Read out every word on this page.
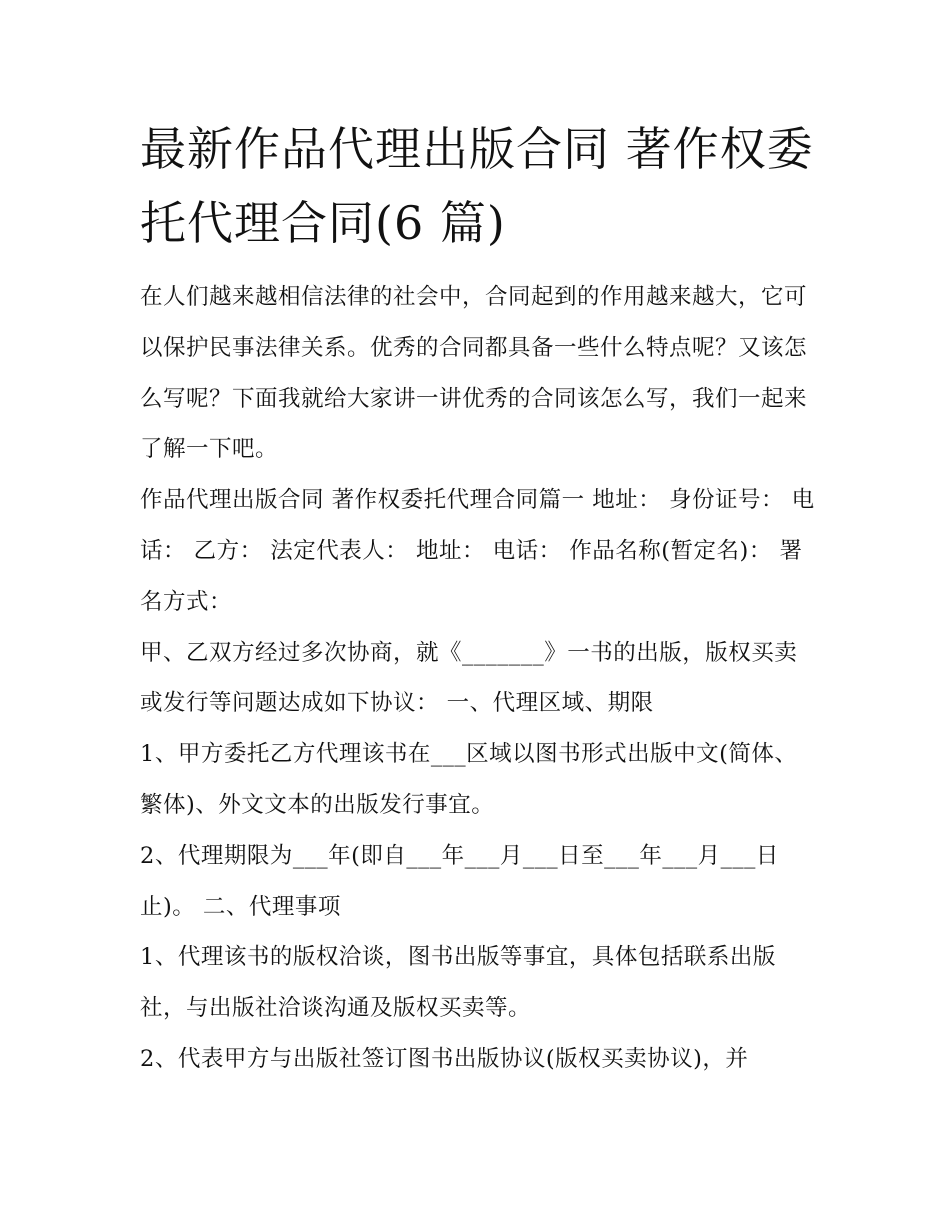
最新作品代理出版合同 著作权委托代理合同(6 篇)

在人们越来越相信法律的社会中，合同起到的作用越来越大，它可以保护民事法律关系。优秀的合同都具备一些什么特点呢？又该怎么写呢？下面我就给大家讲一讲优秀的合同该怎么写，我们一起来了解一下吧。

作品代理出版合同 著作权委托代理合同篇一 地址： 身份证号： 电话： 乙方： 法定代表人： 地址： 电话： 作品名称(暂定名)： 署名方式：

甲、乙双方经过多次协商，就《_______》一书的出版，版权买卖或发行等问题达成如下协议： 一、代理区域、期限

1、甲方委托乙方代理该书在___区域以图书形式出版中文(简体、繁体)、外文文本的出版发行事宜。

2、代理期限为___年(即自___年___月___日至___年___月___日止)。 二、代理事项

1、代理该书的版权洽谈，图书出版等事宜，具体包括联系出版社，与出版社洽谈沟通及版权买卖等。

2、代表甲方与出版社签订图书出版协议(版权买卖协议)，并
